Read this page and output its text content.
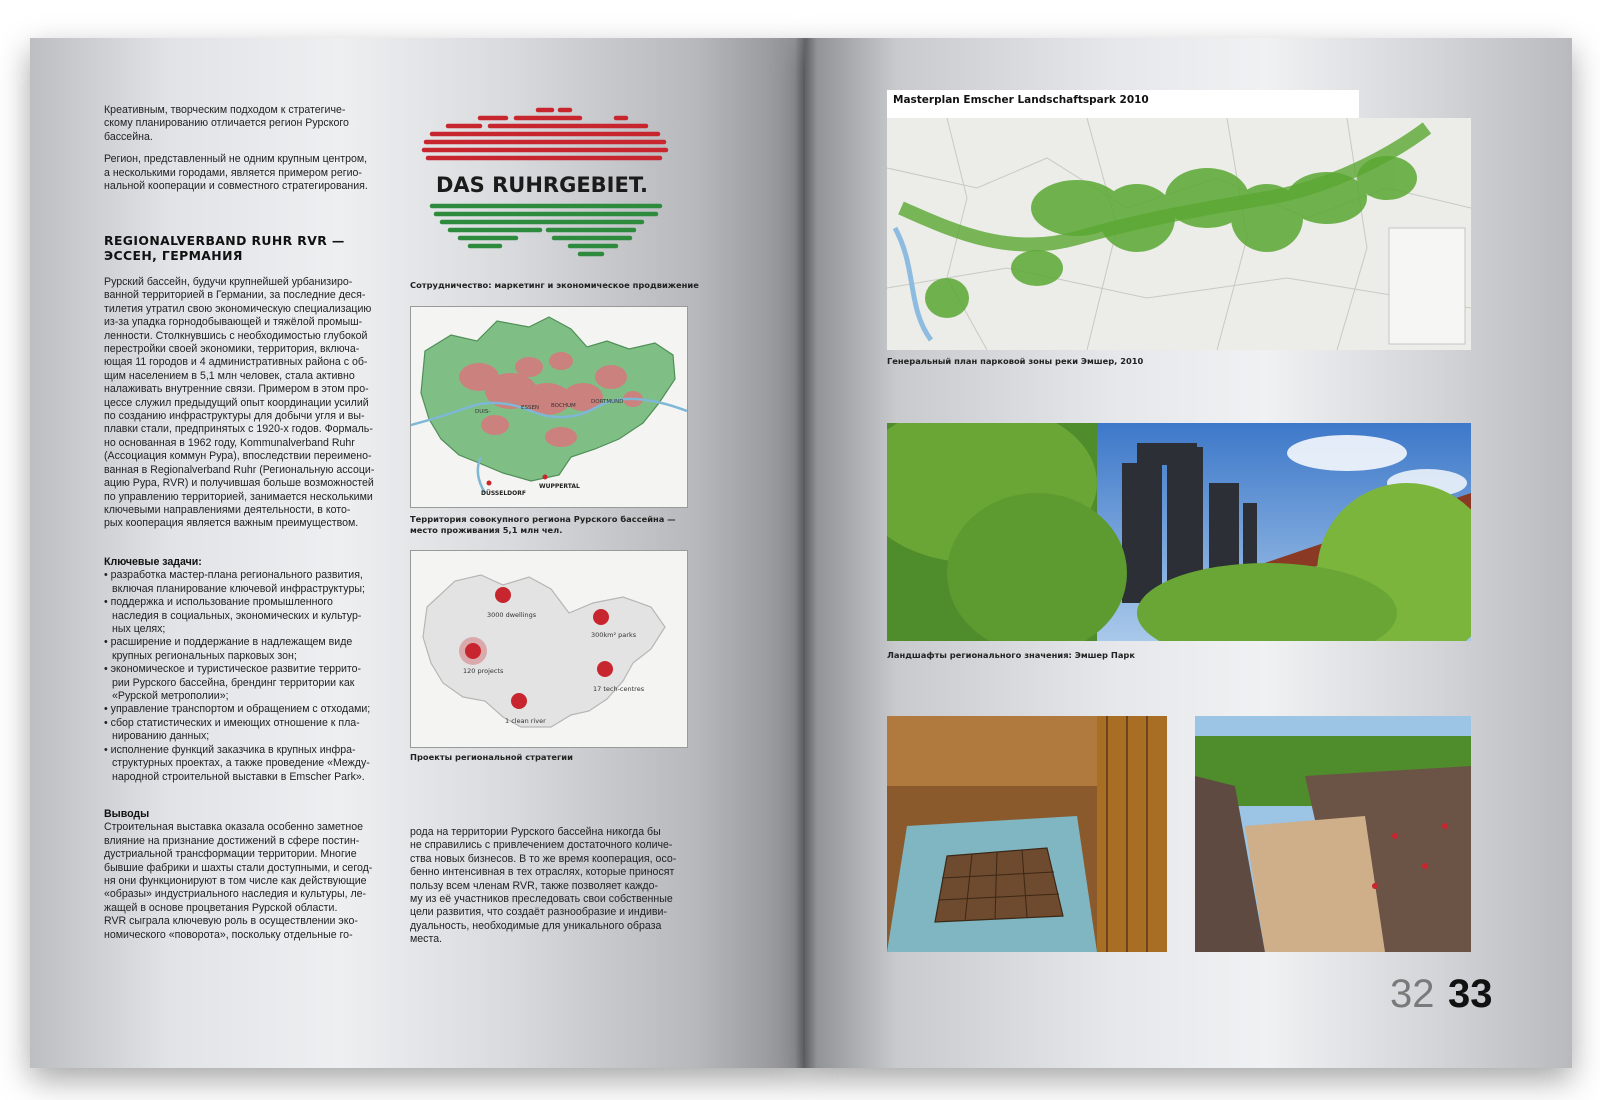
Креативным, творческим подходом к стратегиче-
скому планированию отличается регион Рурского
бассейна.

Регион, представленный не одним крупным центром,
а несколькими городами, является примером регио-
нальной кооперации и совместного стратегирования.

REGIONALVERBAND RUHR RVR —
ЭССЕН, ГЕРМАНИЯ
Рурский бассейн, будучи крупнейшей урбанизиро-
ванной территорией в Германии, за последние деся-
тилетия утратил свою экономическую специализацию
из-за упадка горнодобывающей и тяжёлой промыш-
ленности. Столкнувшись с необходимостью глубокой
перестройки своей экономики, территория, включа-
ющая 11 городов и 4 административных района с об-
щим населением в 5,1 млн человек, стала активно
налаживать внутренние связи. Примером в этом про-
цессе служил предыдущий опыт координации усилий
по созданию инфраструктуры для добычи угля и вы-
плавки стали, предпринятых с 1920-х годов. Формаль-
но основанная в 1962 году, Kommunalverband Ruhr
(Ассоциация коммун Рура), впоследствии переимено-
ванная в Regionalverband Ruhr (Региональную ассоци-
ацию Рура, RVR) и получившая больше возможностей
по управлению территорией, занимается несколькими
ключевыми направлениями деятельности, в кото-
рых кооперация является важным преимуществом.
Ключевые задачи:
• разработка мастер-плана регионального развития,
включая планирование ключевой инфраструктуры;
• поддержка и использование промышленного
наследия в социальных, экономических и культур-
ных целях;
• расширение и поддержание в надлежащем виде
крупных региональных парковых зон;
• экономическое и туристическое развитие террито-
рии Рурского бассейна, брендинг территории как
«Рурской метрополии»;
• управление транспортом и обращением с отходами;
• сбор статистических и имеющих отношение к пла-
нированию данных;
• исполнение функций заказчика в крупных инфра-
структурных проектах, а также проведение «Между-
народной строительной выставки в Emscher Park».
Выводы
Строительная выставка оказала особенно заметное
влияние на признание достижений в сфере постин-
дустриальной трансформации территории. Многие
бывшие фабрики и шахты стали доступными, и сегод-
ня они функционируют в том числе как действующие
«образы» индустриального наследия и культуры, ле-
жащей в основе процветания Рурской области.
RVR сыграла ключевую роль в осуществлении эко-
номического «поворота», поскольку отдельные го-
рода на территории Рурского бассейна никогда бы
не справились с привлечением достаточного количе-
ства новых бизнесов. В то же время кооперация, осо-
бенно интенсивная в тех отраслях, которые приносят
пользу всем членам RVR, также позволяет каждо-
му из её участников преследовать свои собственные
цели развития, что создаёт разнообразие и индиви-
дуальность, необходимые для уникального образа
места.
DAS RUHRGEBIET.
Сотрудничество: маркетинг и экономическое продвижение
DÜSSELDORF
WUPPERTAL
DUIS-
ESSEN BOCHUM
DORTMUND
Территория совокупного региона Рурского бассейна —
место проживания 5,1 млн чел.
3000 dwellings
300km² parks
120 projects
17 tech-centres
1 clean river
Проекты региональной стратегии
Masterplan Emscher Landschaftspark 2010
Генеральный план парковой зоны реки Эмшер, 2010
Ландшафты регионального значения: Эмшер Парк
32 33
